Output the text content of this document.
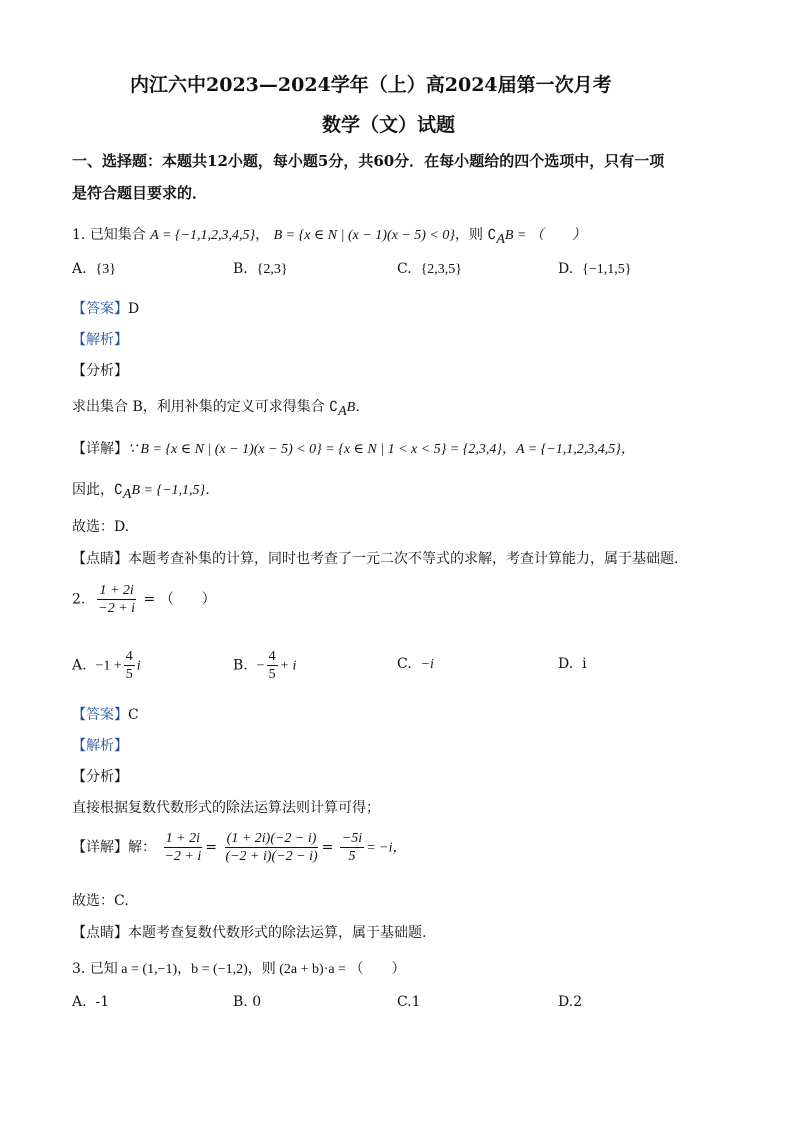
内江六中2023—2024学年（上）高2024届第一次月考
数学（文）试题
一、选择题：本题共12小题，每小题5分，共60分．在每小题给的四个选项中，只有一项
是符合题目要求的．
1. 已知集合 A = {−1,1,2,3,4,5}， B = {x ∈ N | (x − 1)(x − 5) < 0}，则 $∁_AB$ = （　　）
A. {3}	B. {2,3}	C. {2,3,5}	D. {−1,1,5}
【答案】D
【解析】
【分析】
求出集合 B，利用补集的定义可求得集合 $∁_AB$．
【详解】∵ B = {x ∈ N | (x − 1)(x − 5) < 0} = {x ∈ N | 1 < x < 5} = {2,3,4}，A = {−1,1,2,3,4,5}，
因此，$∁_AB = \{-1,1,5\}$．
故选：D.
【点睛】本题考查补集的计算，同时也考查了一元二次不等式的求解，考查计算能力，属于基础题.
2. $\frac{1 + 2i}{-2 + i}$ = （　　）
A. $-1 + \frac{4}{5}$ i	B. − $\frac{4}{5} + i$	C. −i	D. i
【答案】C
【解析】
【分析】
直接根据复数代数形式的除法运算法则计算可得；
【详解】解： $\frac{1 + 2i}{-2 + i} = \frac{(1 + 2i)(-2 - i)}{(-2 + i)(-2 - i)} = \frac{-5i}{5} = -i$，
故选：C.
【点睛】本题考查复数代数形式的除法运算，属于基础题.
3. 已知 a = (1,−1)，b = (−1,2)，则 (2a + b)·a = （　　）
A. -1	B. 0	C.1	D.2
